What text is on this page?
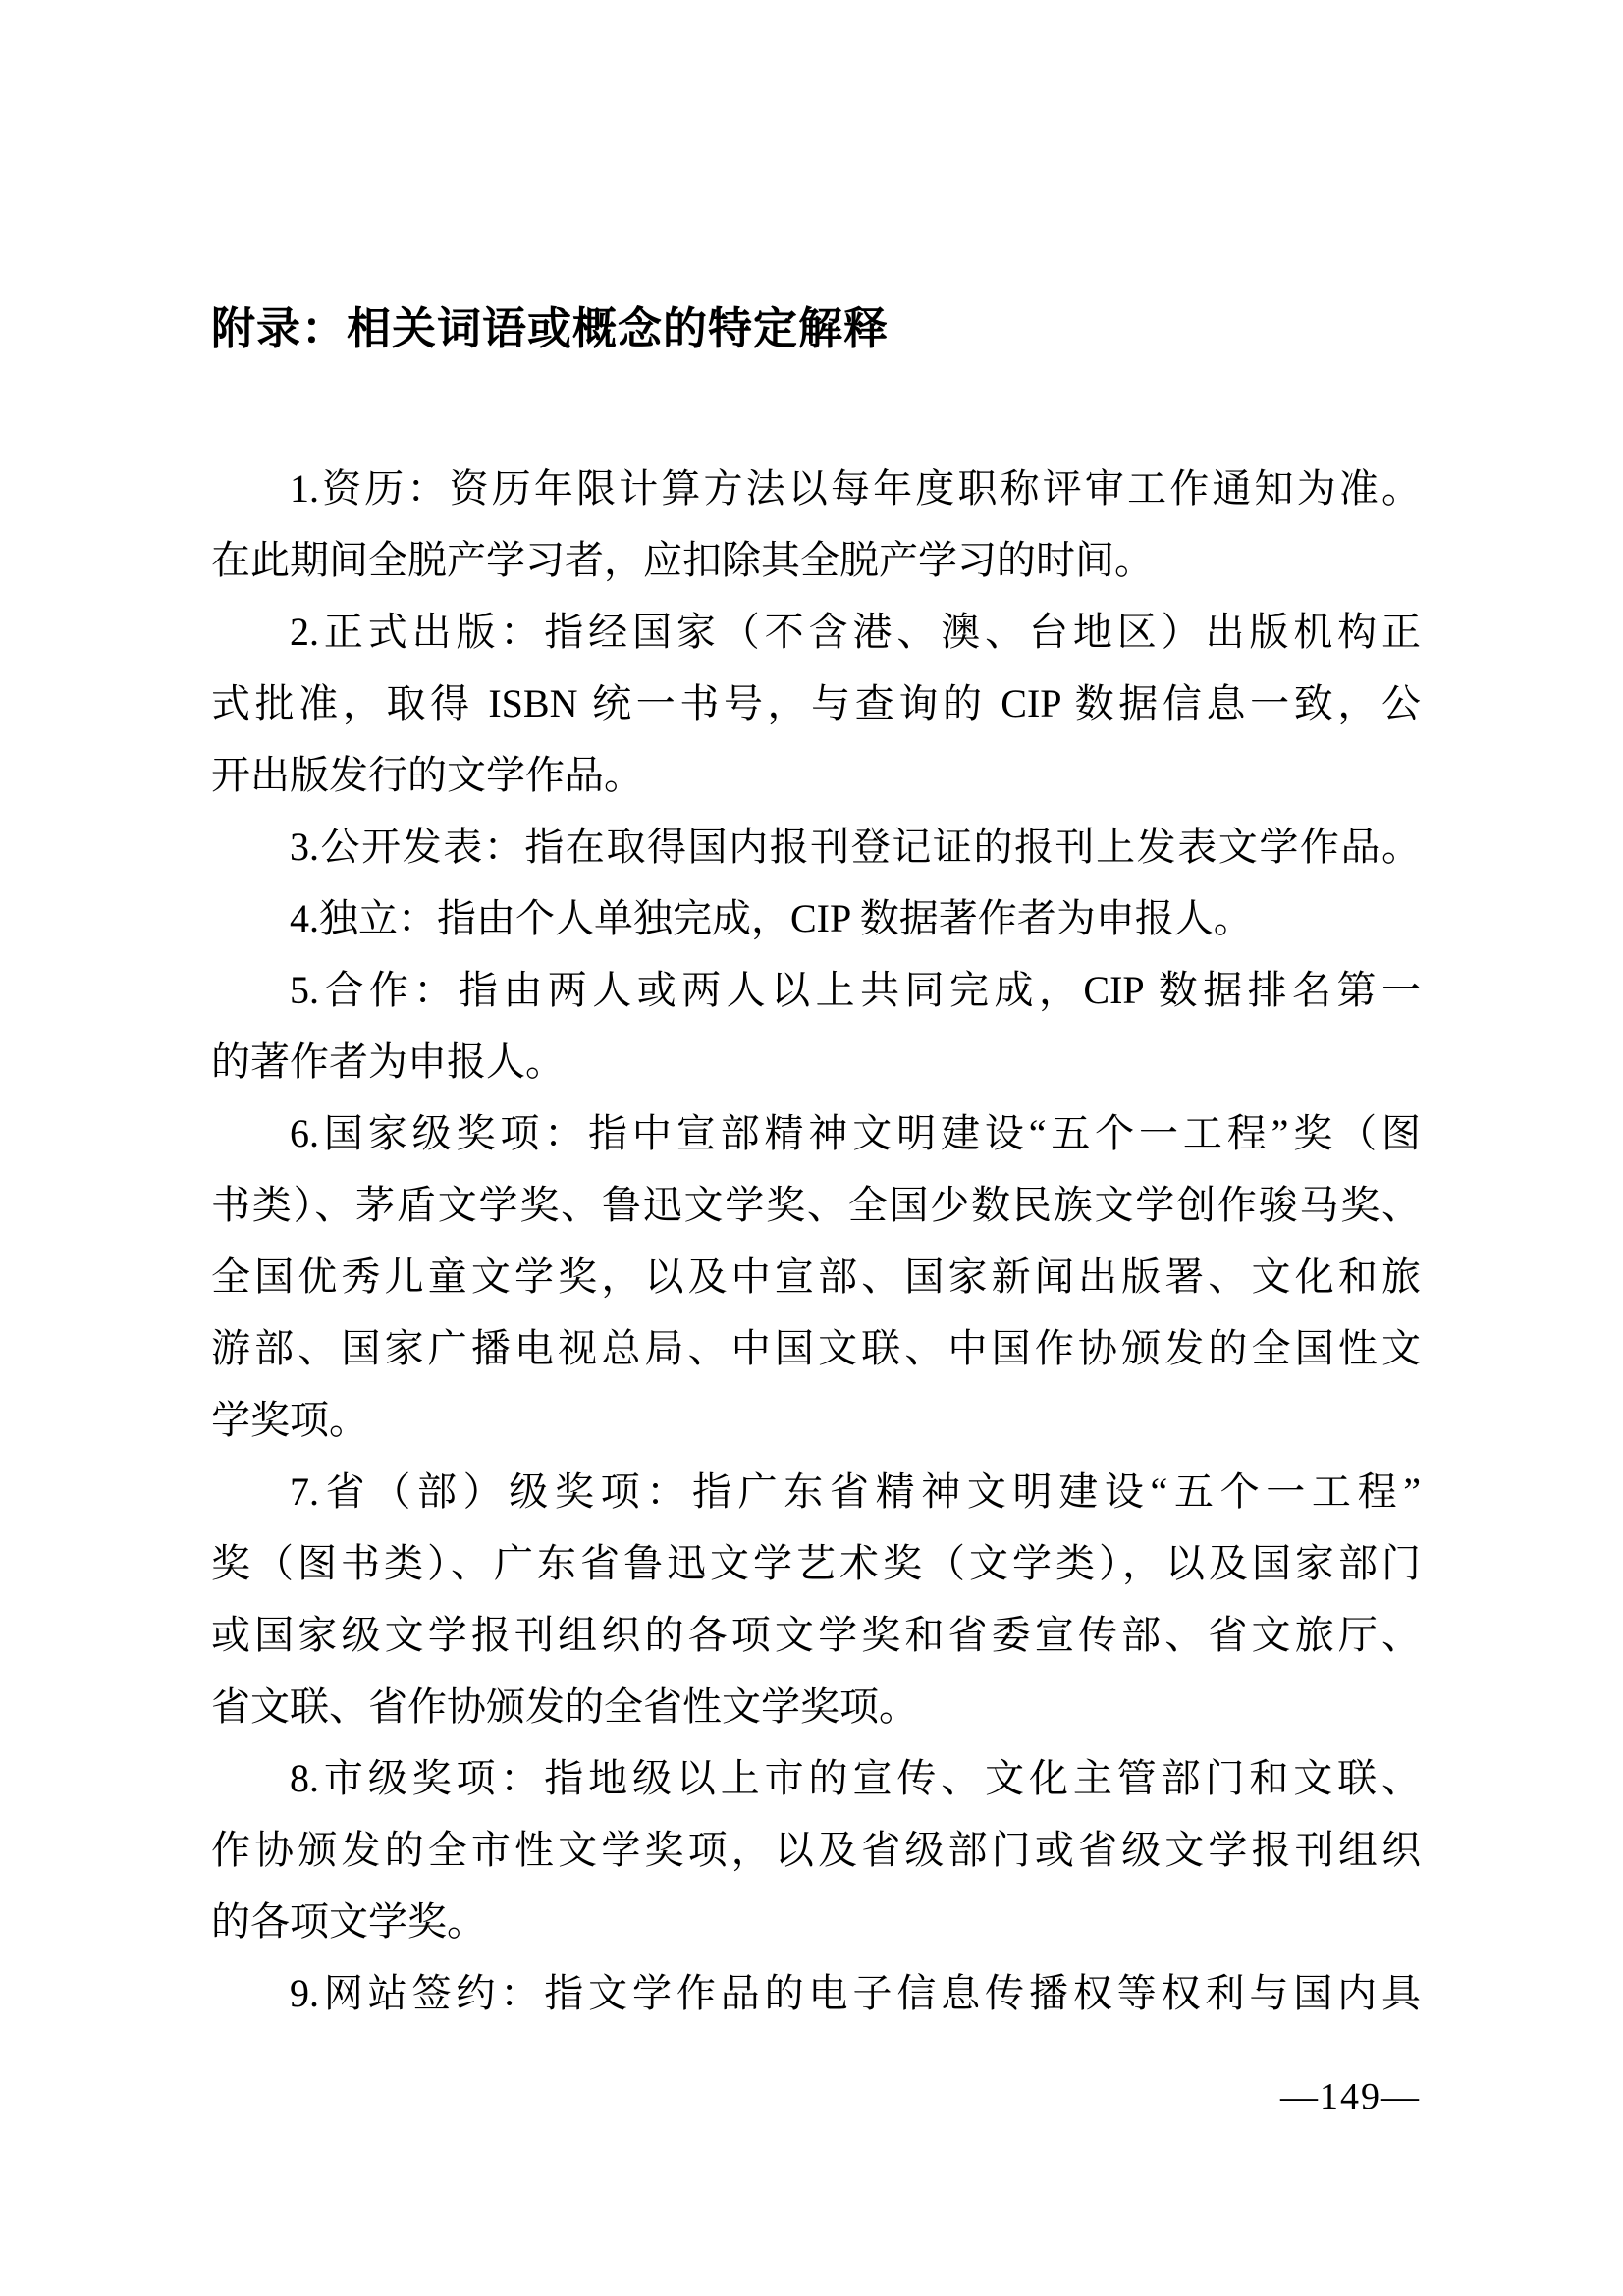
附录：相关词语或概念的特定解释
1.资历：资历年限计算方法以每年度职称评审工作通知为准。
在此期间全脱产学习者，应扣除其全脱产学习的时间。
2.正式出版：指经国家（不含港、澳、台地区）出版机构正
式批准，取得 ISBN 统一书号，与查询的 CIP 数据信息一致，公
开出版发行的文学作品。
3.公开发表：指在取得国内报刊登记证的报刊上发表文学作品。
4.独立：指由个人单独完成，CIP 数据著作者为申报人。
5.合作：指由两人或两人以上共同完成，CIP 数据排名第一
的著作者为申报人。
6.国家级奖项：指中宣部精神文明建设“五个一工程”奖（图
书类）、茅盾文学奖、鲁迅文学奖、全国少数民族文学创作骏马奖、
全国优秀儿童文学奖，以及中宣部、国家新闻出版署、文化和旅
游部、国家广播电视总局、中国文联、中国作协颁发的全国性文
学奖项。
7.省（部）级奖项：指广东省精神文明建设“五个一工程”
奖（图书类）、广东省鲁迅文学艺术奖（文学类），以及国家部门
或国家级文学报刊组织的各项文学奖和省委宣传部、省文旅厅、
省文联、省作协颁发的全省性文学奖项。
8.市级奖项：指地级以上市的宣传、文化主管部门和文联、
作协颁发的全市性文学奖项，以及省级部门或省级文学报刊组织
的各项文学奖。
9.网站签约：指文学作品的电子信息传播权等权利与国内具
—149—
